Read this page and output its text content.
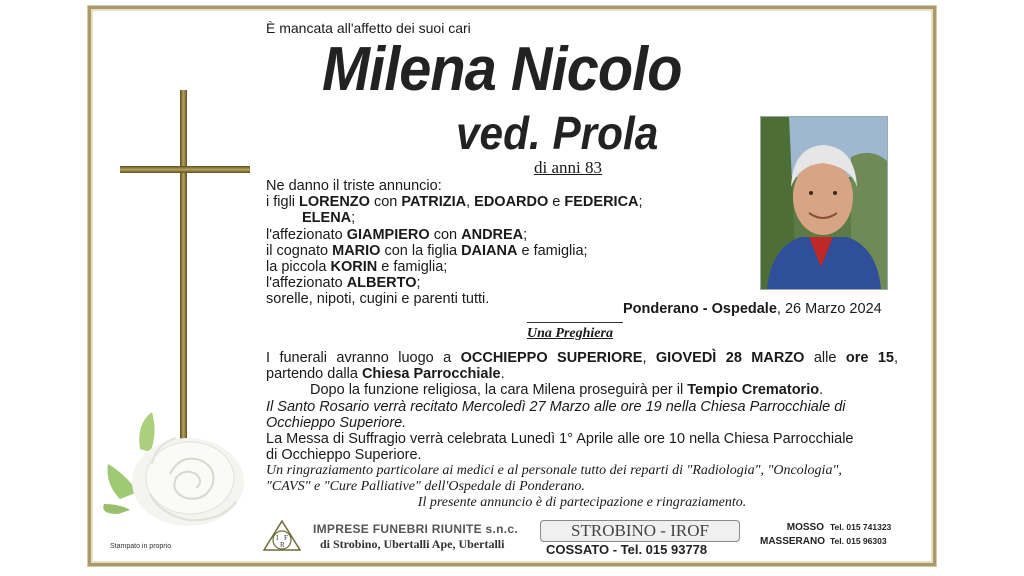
È mancata all'affetto dei suoi cari
Milena Nicolo
ved. Prola
di anni 83
Ne danno il triste annuncio:
i figli LORENZO con PATRIZIA, EDOARDO e FEDERICA;
ELENA;
l'affezionato GIAMPIERO con ANDREA;
il cognato MARIO con la figlia DAIANA e famiglia;
la piccola KORIN e famiglia;
l'affezionato ALBERTO;
sorelle, nipoti, cugini e parenti tutti.
Ponderano - Ospedale, 26 Marzo 2024
Una Preghiera

I funerali avranno luogo a OCCHIEPPO SUPERIORE, GIOVEDÌ 28 MARZO alle ore 15,

partendo dalla Chiesa Parrocchiale.

Dopo la funzione religiosa, la cara Milena proseguirà per il Tempio Crematorio.

Il Santo Rosario verrà recitato Mercoledì 27 Marzo alle ore 19 nella Chiesa Parrocchiale di

Occhieppo Superiore.

La Messa di Suffragio verrà celebrata Lunedì 1° Aprile alle ore 10 nella Chiesa Parrocchiale

di Occhieppo Superiore.

Un ringraziamento particolare ai medici e al personale tutto dei reparti di "Radiologia", "Oncologia",

"CAVS" e "Cure Palliative" dell'Ospedale di Ponderano.

Il presente annuncio è di partecipazione e ringraziamento.

Stampato in proprio
I F
R
IMPRESE FUNEBRI RIUNITE s.n.c.
di Strobino, Ubertalli Ape, Ubertalli
STROBINO - IROF
COSSATO - Tel. 015 93778
MOSSO Tel. 015 741323
MASSERANO Tel. 015 96303
